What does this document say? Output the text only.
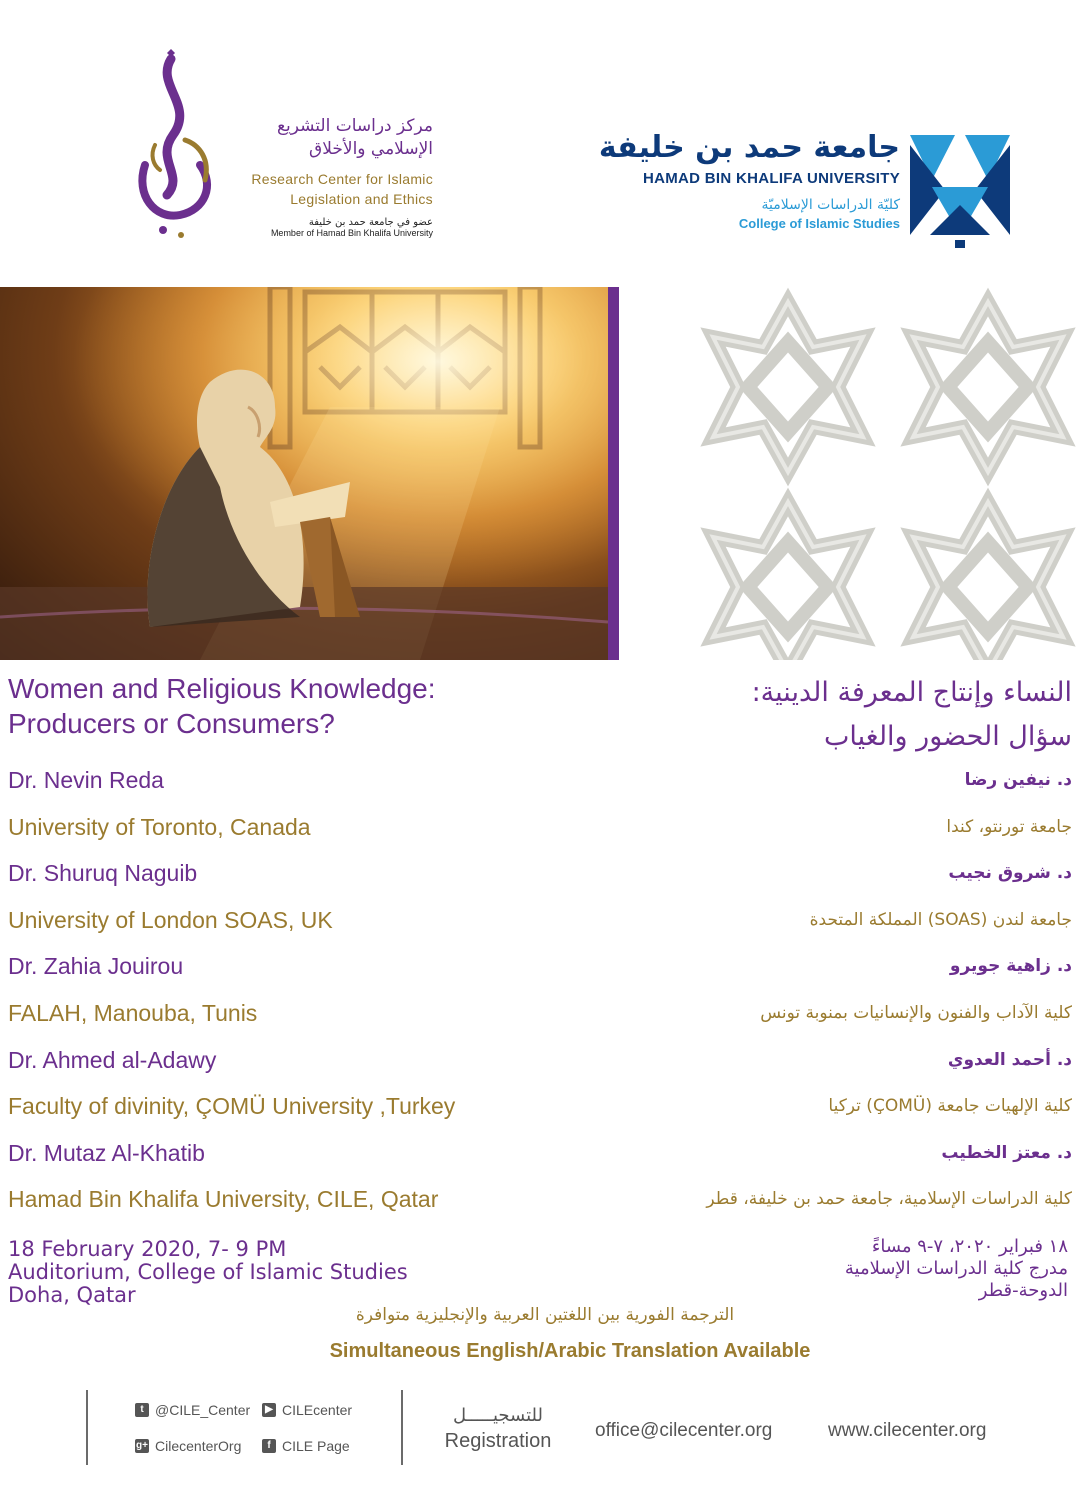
مركز دراسات التشريع
الإسلامي والأخلاق
Research Center for Islamic
Legislation and Ethics
عضو في جامعة حمد بن خليفة
Member of Hamad Bin Khalifa University
جامعة حمد بن خليفة
HAMAD BIN KHALIFA UNIVERSITY
كليّة الدراسات الإسلاميّة
College of Islamic Studies
Women and Religious Knowledge:
Producers or Consumers?
النساء وإنتاج المعرفة الدينية:
سؤال الحضور والغياب
Dr. Nevin Reda
University of Toronto, Canada
Dr. Shuruq Naguib
University of London SOAS, UK
Dr. Zahia Jouirou
FALAH, Manouba, Tunis
Dr. Ahmed al-Adawy
Faculty of divinity, ÇOMÜ University ,Turkey
Dr. Mutaz Al-Khatib
Hamad Bin Khalifa University, CILE, Qatar
د. نيفين رضا
جامعة تورنتو، كندا
د. شروق نجيب
جامعة لندن (SOAS) المملكة المتحدة
د. زاهية جويرو
كلية الآداب والفنون والإنسانيات بمنوبة تونس
د. أحمد العدوي
كلية الإلهيات جامعة (ÇOMÜ) تركيا
د. معتز الخطيب
كلية الدراسات الإسلامية، جامعة حمد بن خليفة، قطر
18 February 2020, 7- 9 PM
Auditorium, College of Islamic Studies
Doha, Qatar
١٨ فبراير ٢٠٢٠، ٧-٩ مساءً
مدرج كلية الدراسات الإسلامية
الدوحة-قطر
الترجمة الفورية بين اللغتين العربية والإنجليزية متوافرة
Simultaneous English/Arabic Translation Available
t @CILE_Center	▶ CILEcenter
g+ CilecenterOrg	f CILE Page
للتسجيـــــل
Registration	office@cilecenter.org	www.cilecenter.org
